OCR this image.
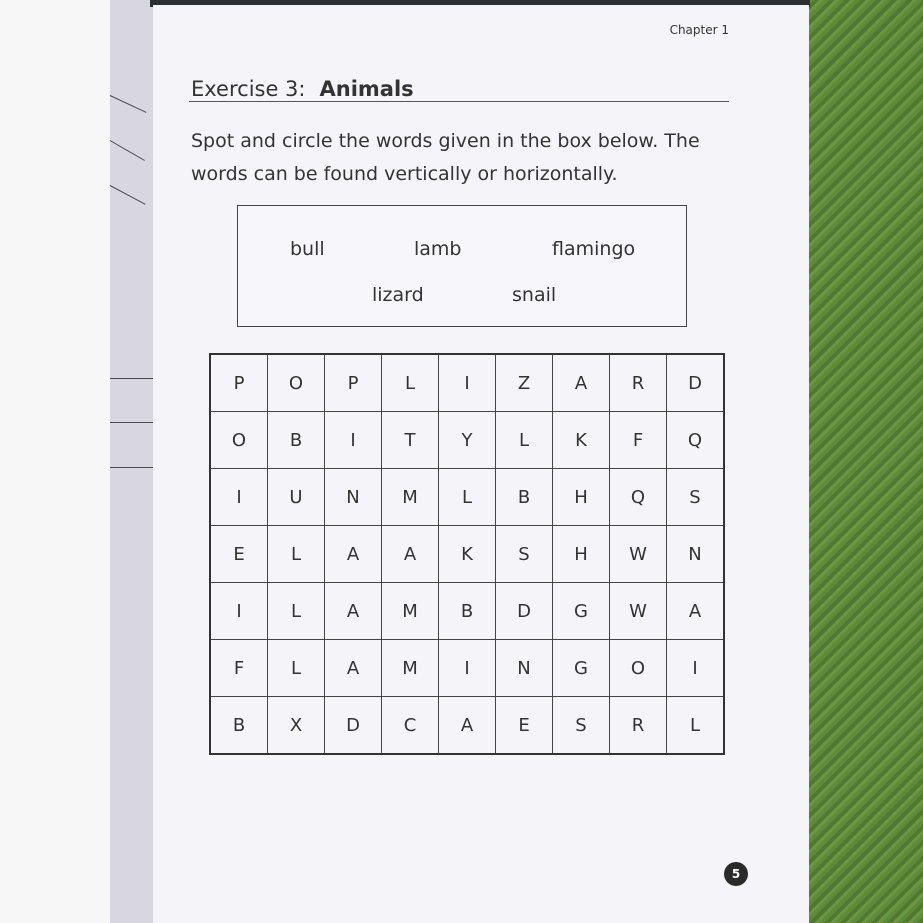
Chapter 1
Exercise 3: Animals
Spot and circle the words given in the box below. The words can be found vertically or horizontally.
bull	lamb	flamingo
lizard	snail
P	O	P	L	I	Z	A	R	D
O	B	I	T	Y	L	K	F	Q
I	U	N	M	L	B	H	Q	S
E	L	A	A	K	S	H	W	N
I	L	A	M	B	D	G	W	A
F	L	A	M	I	N	G	O	I
B	X	D	C	A	E	S	R	L
5
